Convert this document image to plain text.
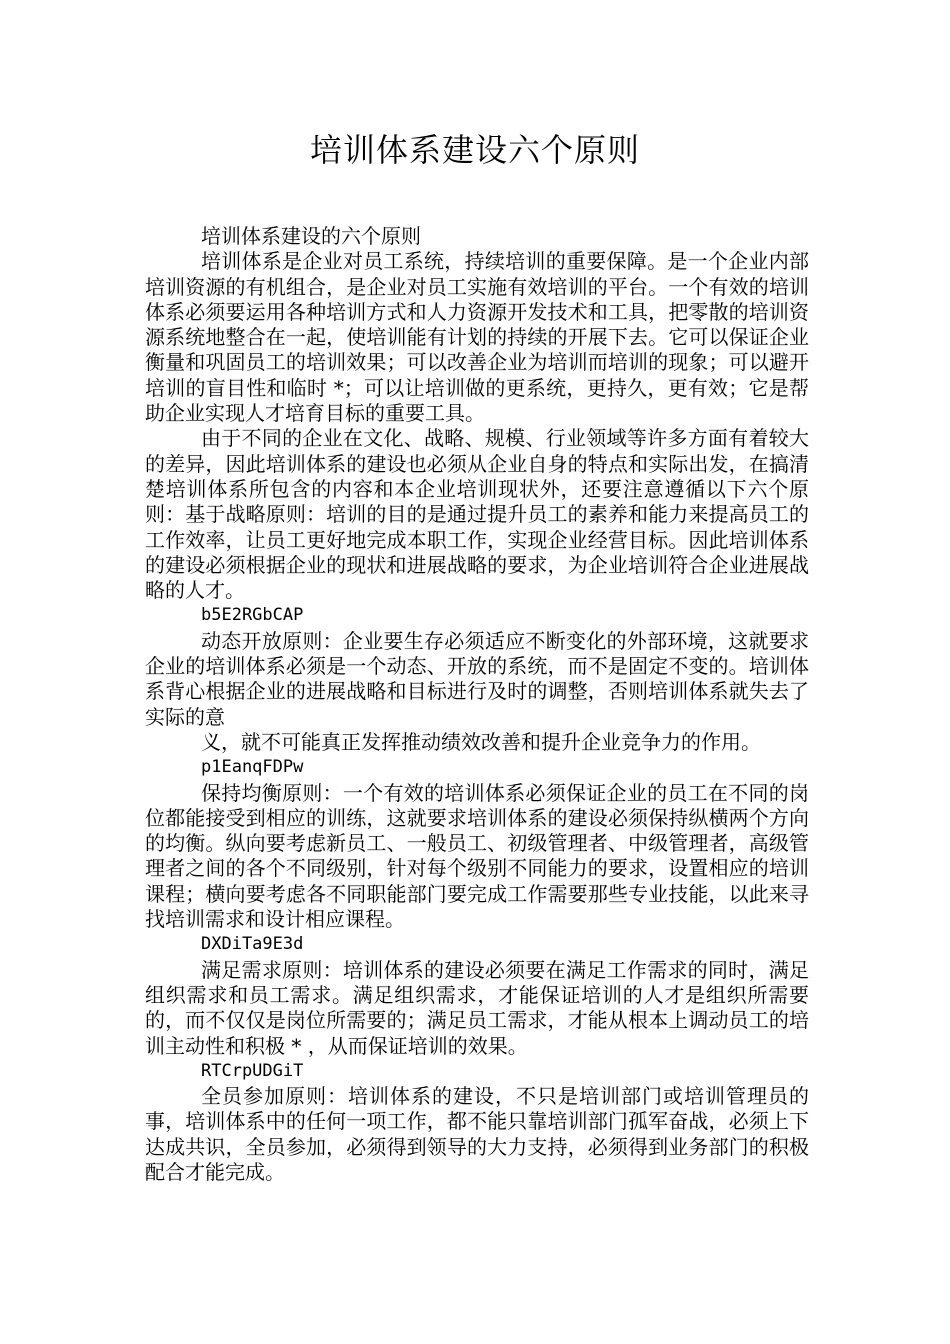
培训体系建设六个原则

培训体系建设的六个原则

培训体系是企业对员工系统，持续培训的重要保障。是一个企业内部培训资源的有机组合，是企业对员工实施有效培训的平台。一个有效的培训体系必须要运用各种培训方式和人力资源开发技术和工具，把零散的培训资源系统地整合在一起，使培训能有计划的持续的开展下去。它可以保证企业衡量和巩固员工的培训效果；可以改善企业为培训而培训的现象；可以避开培训的盲目性和临时 *；可以让培训做的更系统，更持久，更有效；它是帮助企业实现人才培育目标的重要工具。

由于不同的企业在文化、战略、规模、行业领域等许多方面有着较大的差异，因此培训体系的建设也必须从企业自身的特点和实际出发，在搞清楚培训体系所包含的内容和本企业培训现状外，还要注意遵循以下六个原则：基于战略原则：培训的目的是通过提升员工的素养和能力来提高员工的工作效率，让员工更好地完成本职工作，实现企业经营目标。因此培训体系的建设必须根据企业的现状和进展战略的要求，为企业培训符合企业进展战略的人才。

b5E2RGbCAP

动态开放原则：企业要生存必须适应不断变化的外部环境，这就要求企业的培训体系必须是一个动态、开放的系统，而不是固定不变的。培训体系背心根据企业的进展战略和目标进行及时的调整，否则培训体系就失去了实际的意

义，就不可能真正发挥推动绩效改善和提升企业竞争力的作用。

p1EanqFDPw

保持均衡原则：一个有效的培训体系必须保证企业的员工在不同的岗位都能接受到相应的训练，这就要求培训体系的建设必须保持纵横两个方向的均衡。纵向要考虑新员工、一般员工、初级管理者、中级管理者，高级管理者之间的各个不同级别，针对每个级别不同能力的要求，设置相应的培训课程；横向要考虑各不同职能部门要完成工作需要那些专业技能，以此来寻找培训需求和设计相应课程。

DXDiTa9E3d

满足需求原则：培训体系的建设必须要在满足工作需求的同时，满足组织需求和员工需求。满足组织需求，才能保证培训的人才是组织所需要的，而不仅仅是岗位所需要的；满足员工需求，才能从根本上调动员工的培训主动性和积极 * ，从而保证培训的效果。

RTCrpUDGiT

全员参加原则：培训体系的建设，不只是培训部门或培训管理员的事，培训体系中的任何一项工作，都不能只靠培训部门孤军奋战，必须上下达成共识，全员参加，必须得到领导的大力支持，必须得到业务部门的积极配合才能完成。
